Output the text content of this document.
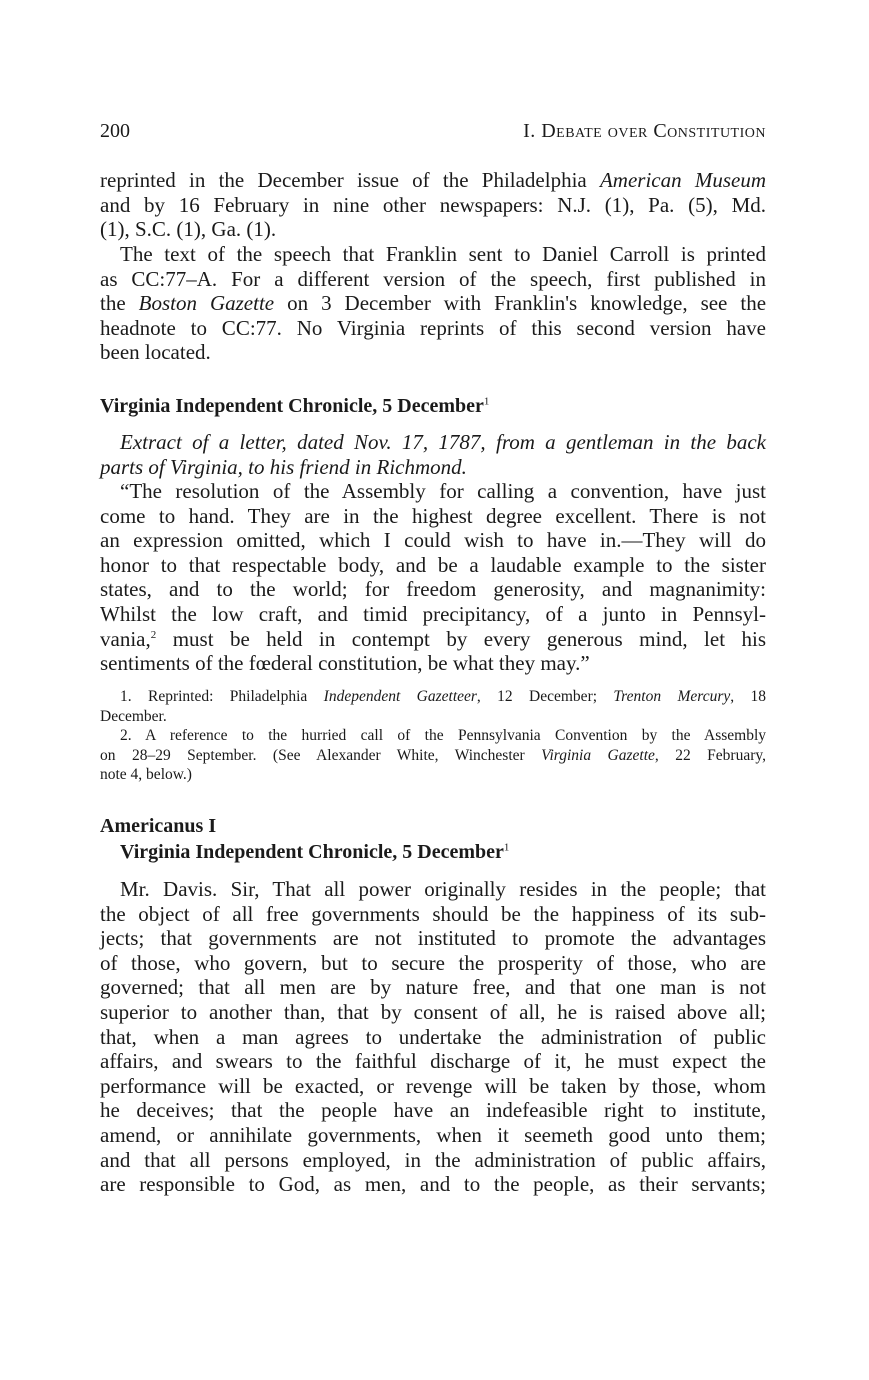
200	I. Debate over Constitution

reprinted in the December issue of the Philadelphia American Museum

and by 16 February in nine other newspapers: N.J. (1), Pa. (5), Md.

(1), S.C. (1), Ga. (1).

The text of the speech that Franklin sent to Daniel Carroll is printed

as CC:77–A. For a different version of the speech, first published in

the Boston Gazette on 3 December with Franklin's knowledge, see the

headnote to CC:77. No Virginia reprints of this second version have

been located.

Virginia Independent Chronicle, 5 December$^1$

Extract of a letter, dated Nov. 17, 1787, from a gentleman in the back

parts of Virginia, to his friend in Richmond.

“The resolution of the Assembly for calling a convention, have just

come to hand. They are in the highest degree excellent. There is not

an expression omitted, which I could wish to have in.—They will do

honor to that respectable body, and be a laudable example to the sister

states, and to the world; for freedom generosity, and magnanimity:

Whilst the low craft, and timid precipitancy, of a junto in Pennsyl-

vania,$^2$ must be held in contempt by every generous mind, let his

sentiments of the fœderal constitution, be what they may.”

1. Reprinted: Philadelphia Independent Gazetteer, 12 December; Trenton Mercury, 18

December.

2. A reference to the hurried call of the Pennsylvania Convention by the Assembly

on 28–29 September. (See Alexander White, Winchester Virginia Gazette, 22 February,

note 4, below.)

Americanus I

Virginia Independent Chronicle, 5 December$^1$

Mr. Davis. Sir, That all power originally resides in the people; that

the object of all free governments should be the happiness of its sub-

jects; that governments are not instituted to promote the advantages

of those, who govern, but to secure the prosperity of those, who are

governed; that all men are by nature free, and that one man is not

superior to another than, that by consent of all, he is raised above all;

that, when a man agrees to undertake the administration of public

affairs, and swears to the faithful discharge of it, he must expect the

performance will be exacted, or revenge will be taken by those, whom

he deceives; that the people have an indefeasible right to institute,

amend, or annihilate governments, when it seemeth good unto them;

and that all persons employed, in the administration of public affairs,

are responsible to God, as men, and to the people, as their servants;
